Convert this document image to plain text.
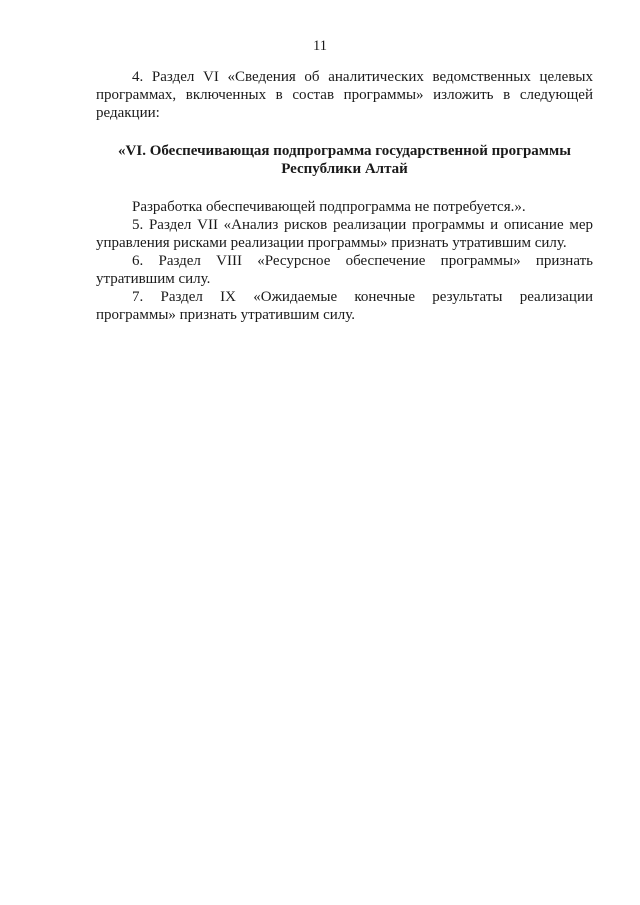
11

4. Раздел VI «Сведения об аналитических ведомственных целевых программах, включенных в состав программы» изложить в следующей редакции:

«VI. Обеспечивающая подпрограмма государственной программы
Республики Алтай

Разработка обеспечивающей подпрограмма не потребуется.».

5. Раздел VII «Анализ рисков реализации программы и описание мер управления рисками реализации программы» признать утратившим силу.

6. Раздел VIII «Ресурсное обеспечение программы» признать утратившим силу.

7. Раздел IX «Ожидаемые конечные результаты реализации программы» признать утратившим силу.
